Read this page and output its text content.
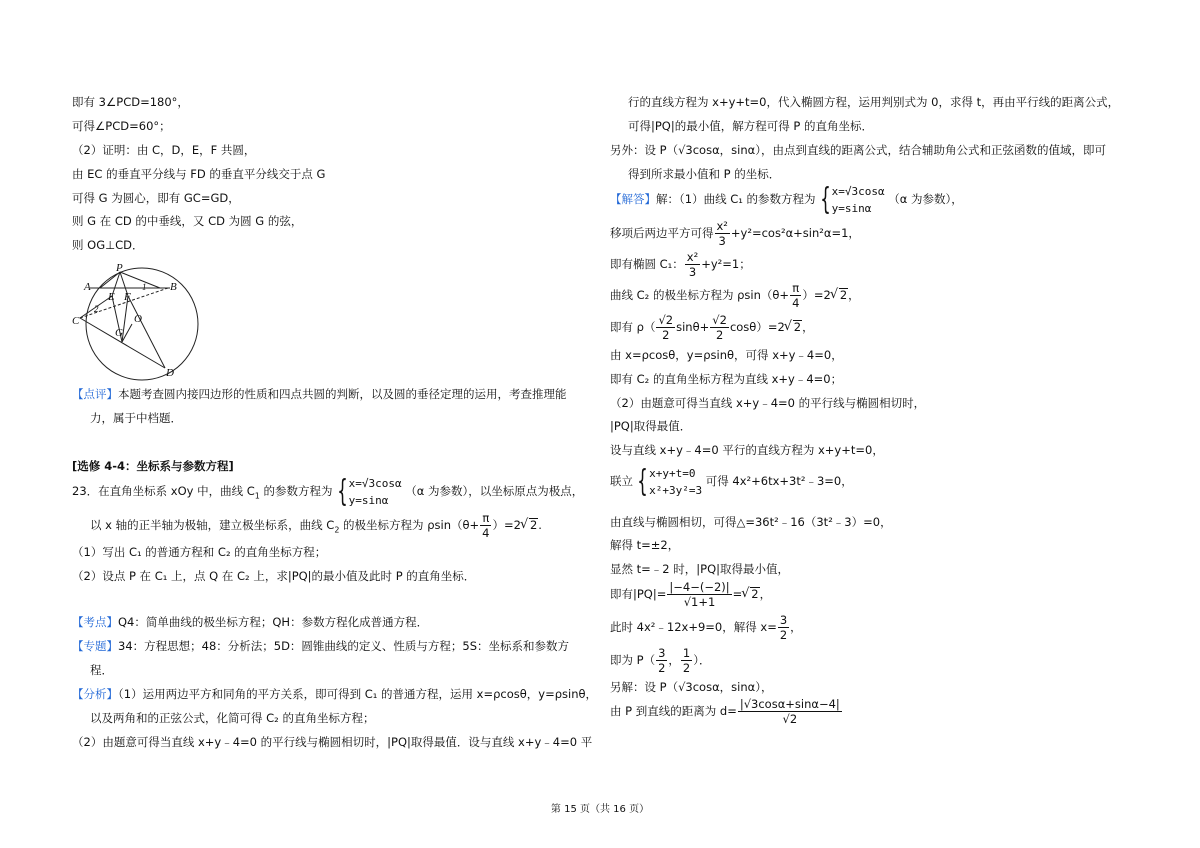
即有 3∠PCD=180°，
可得∠PCD=60°；
（2）证明：由 C，D，E，F 共圆，
由 EC 的垂直平分线与 FD 的垂直平分线交于点 G
可得 G 为圆心，即有 GC=GD，
则 G 在 CD 的中垂线，又 CD 为圆 G 的弦，
则 OG⊥CD．
【点评】本题考查圆内接四边形的性质和四点共圆的判断，以及圆的垂径定理的运用，考查推理能
力，属于中档题．
[选修 4-4：坐标系与参数方程]
23．在直角坐标系 xOy 中，曲线 $C_1$ 的参数方程为 { x=√3cosα
y=sinα
（α 为参数），以坐标原点为极点，
以 x 轴的正半轴为极轴，建立极坐标系，曲线 $C_2$ 的极坐标方程为 $\rho\sin(\theta+ \frac{\pi}{4} )=2√$ 2.
（1）写出 C₁ 的普通方程和 C₂ 的直角坐标方程；
（2）设点 P 在 C₁ 上，点 Q 在 C₂ 上，求|PQ|的最小值及此时 P 的直角坐标．
【考点】Q4：简单曲线的极坐标方程；QH：参数方程化成普通方程．
【专题】34：方程思想；48：分析法；5D：圆锥曲线的定义、性质与方程；5S：坐标系和参数方
程．
【分析】（1）运用两边平方和同角的平方关系，即可得到 C₁ 的普通方程，运用 x=ρcosθ，y=ρsinθ，
以及两角和的正弦公式，化简可得 C₂ 的直角坐标方程；
（2）由题意可得当直线 x+y﹣4=0 的平行线与椭圆相切时，|PQ|取得最值．设与直线 x+y﹣4=0 平
P
A	B
E F
C	O
G
D
1
2
行的直线方程为 x+y+t=0，代入椭圆方程，运用判别式为 0，求得 t，再由平行线的距离公式，
可得|PQ|的最小值，解方程可得 P 的直角坐标．
另外：设 P（√3cosα，sinα），由点到直线的距离公式，结合辅助角公式和正弦函数的值域，即可
得到所求最小值和 P 的坐标．
【解答】解：（1）曲线 C₁ 的参数方程为 { x=√3cosα
y=sinα
（α 为参数），
移项后两边平方可得 $\frac{\text{x²}}{3} +y^2=\cos^2\alpha+\sin^2\alpha=1$，
即有椭圆 C₁： $\frac{\text{x²}}{3} +y^2=1$；
曲线 C₂ 的极坐标方程为 $\rho\sin(\theta+ \frac{\pi}{4} )=2√$ 2，
即有 $\rho( \frac{√2}{2} \sin\theta+ \frac{√2}{2} \cos\theta)=2√$ 2，
由 x=ρcosθ，y=ρsinθ，可得 x+y﹣4=0，
即有 C₂ 的直角坐标方程为直线 x+y﹣4=0；
（2）由题意可得当直线 x+y﹣4=0 的平行线与椭圆相切时，
|PQ|取得最值．
设与直线 x+y﹣4=0 平行的直线方程为 x+y+t=0，
联立 { x+y+t=0
x²+3y²=3
可得 4x²+6tx+3t²﹣3=0，
由直线与椭圆相切，可得△=36t²﹣16（3t²﹣3）=0，
解得 t=±2，
显然 t=﹣2 时，|PQ|取得最小值，
即有$|PQ|= \frac{|-4-(-2)|}{√1+1}$ =√ 2，
此时 4x²﹣12x+9=0，解得 $x= \frac{3}{2}$ ，
即为 $P( \frac{3}{2}$ ， $\frac{1}{2}$ ）．
另解：设 P（√3cosα，sinα），
由 P 到直线的距离为 $d= \frac{|√3\cos\alpha+\sin\alpha-4|}{√2}$
第 15 页（共 16 页）
